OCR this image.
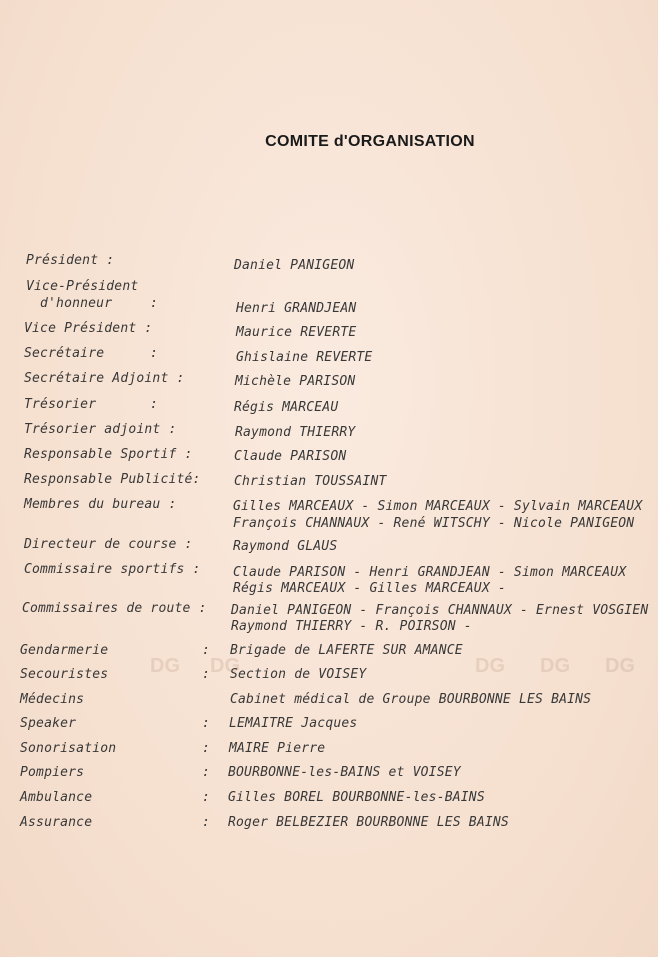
DG DG	DG DG DG
COMITE d'ORGANISATION
Président :	Daniel PANIGEON
Vice-Président
d'honneur	:	Henri GRANDJEAN
Vice Président :	Maurice REVERTE
Secrétaire	:	Ghislaine REVERTE
Secrétaire Adjoint :	Michèle PARISON
Trésorier	:	Régis MARCEAU
Trésorier adjoint :	Raymond THIERRY
Responsable Sportif :	Claude PARISON
Responsable Publicité:	Christian TOUSSAINT
Membres du bureau :	Gilles MARCEAUX - Simon MARCEAUX - Sylvain MARCEAUX
François CHANNAUX - René WITSCHY - Nicole PANIGEON
Directeur de course :	Raymond GLAUS
Commissaire sportifs : Claude PARISON - Henri GRANDJEAN - Simon MARCEAUX
Régis MARCEAUX - Gilles MARCEAUX -
Commissaires de route : Daniel PANIGEON - François CHANNAUX - Ernest VOSGIEN
Raymond THIERRY - R. POIRSON -
Gendarmerie	: Brigade de LAFERTE SUR AMANCE
Secouristes	: Section de VOISEY
Médecins	Cabinet médical de Groupe BOURBONNE LES BAINS
Speaker	: LEMAITRE Jacques
Sonorisation	: MAIRE Pierre
Pompiers	: BOURBONNE-les-BAINS et VOISEY
Ambulance	: Gilles BOREL BOURBONNE-les-BAINS
Assurance	: Roger BELBEZIER BOURBONNE LES BAINS
